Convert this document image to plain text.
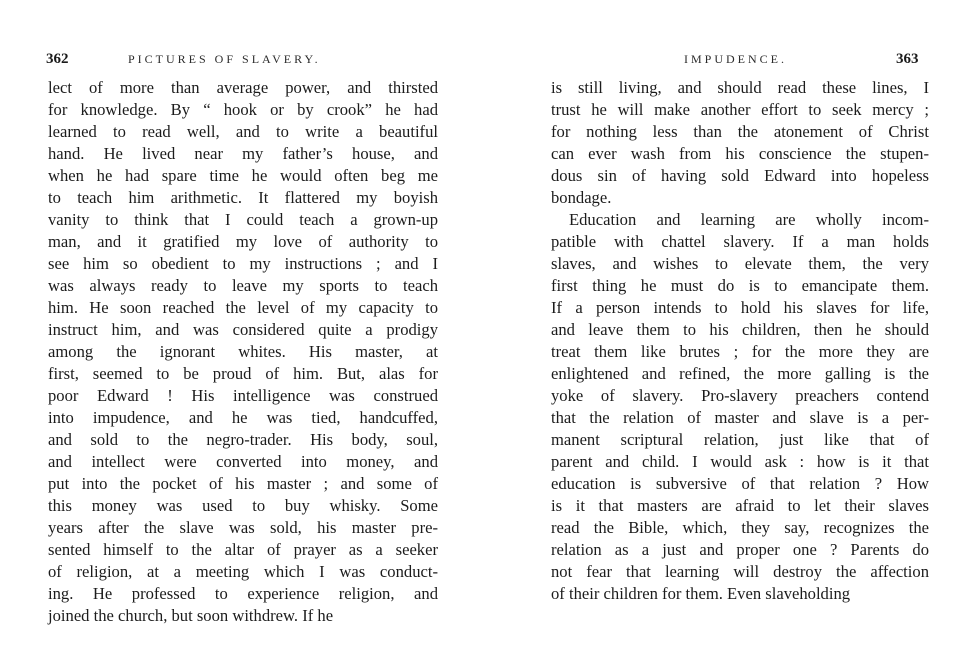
362	PICTURES OF SLAVERY.
lect of more than average power, and thirsted
for knowledge. By “ hook or by crook” he had
learned to read well, and to write a beautiful
hand. He lived near my father’s house, and
when he had spare time he would often beg me
to teach him arithmetic. It flattered my boyish
vanity to think that I could teach a grown-up
man, and it gratified my love of authority to
see him so obedient to my instructions ; and I
was always ready to leave my sports to teach
him. He soon reached the level of my capacity to
instruct him, and was considered quite a prodigy
among the ignorant whites. His master, at
first, seemed to be proud of him. But, alas for
poor Edward ! His intelligence was construed
into impudence, and he was tied, handcuffed,
and sold to the negro-trader. His body, soul,
and intellect were converted into money, and
put into the pocket of his master ; and some of
this money was used to buy whisky. Some
years after the slave was sold, his master pre-
sented himself to the altar of prayer as a seeker
of religion, at a meeting which I was conduct-
ing. He professed to experience religion, and
joined the church, but soon withdrew. If he
IMPUDENCE.	363
is still living, and should read these lines, I
trust he will make another effort to seek mercy ;
for nothing less than the atonement of Christ
can ever wash from his conscience the stupen-
dous sin of having sold Edward into hopeless
bondage.
Education and learning are wholly incom-
patible with chattel slavery. If a man holds
slaves, and wishes to elevate them, the very
first thing he must do is to emancipate them.
If a person intends to hold his slaves for life,
and leave them to his children, then he should
treat them like brutes ; for the more they are
enlightened and refined, the more galling is the
yoke of slavery. Pro-slavery preachers contend
that the relation of master and slave is a per-
manent scriptural relation, just like that of
parent and child. I would ask : how is it that
education is subversive of that relation ? How
is it that masters are afraid to let their slaves
read the Bible, which, they say, recognizes the
relation as a just and proper one ? Parents do
not fear that learning will destroy the affection
of their children for them. Even slaveholding
